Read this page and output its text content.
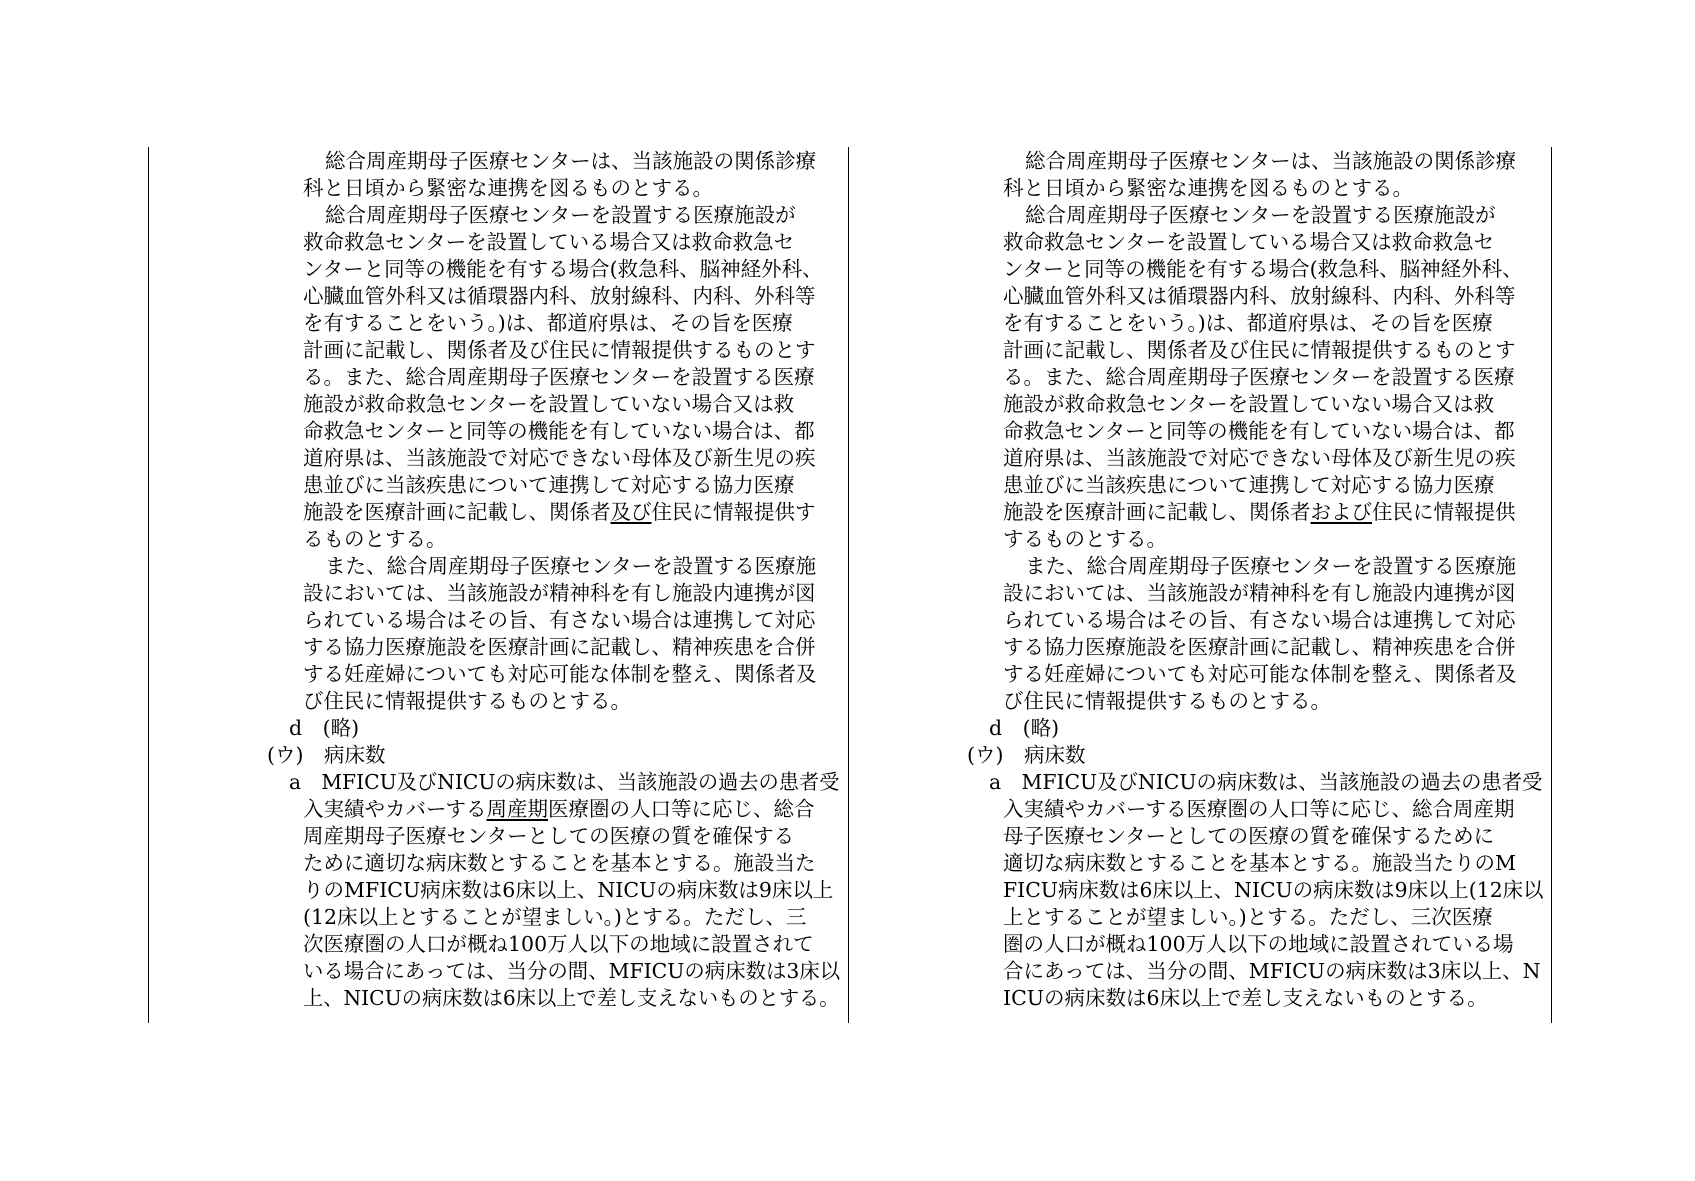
総合周産期母子医療センターは、当該施設の関係診療
科と日頃から緊密な連携を図るものとする。
総合周産期母子医療センターを設置する医療施設が
救命救急センターを設置している場合又は救命救急セ
ンターと同等の機能を有する場合(救急科、脳神経外科、
心臓血管外科又は循環器内科、放射線科、内科、外科等
を有することをいう。)は、都道府県は、その旨を医療
計画に記載し、関係者及び住民に情報提供するものとす
る。また、総合周産期母子医療センターを設置する医療
施設が救命救急センターを設置していない場合又は救
命救急センターと同等の機能を有していない場合は、都
道府県は、当該施設で対応できない母体及び新生児の疾
患並びに当該疾患について連携して対応する協力医療
施設を医療計画に記載し、関係者及び住民に情報提供す
るものとする。
また、総合周産期母子医療センターを設置する医療施
設においては、当該施設が精神科を有し施設内連携が図
られている場合はその旨、有さない場合は連携して対応
する協力医療施設を医療計画に記載し、精神疾患を合併
する妊産婦についても対応可能な体制を整え、関係者及
び住民に情報提供するものとする。
d　(略)
(ウ)　病床数
a　MFICU及びNICUの病床数は、当該施設の過去の患者受
入実績やカバーする周産期医療圏の人口等に応じ、総合
周産期母子医療センターとしての医療の質を確保する
ために適切な病床数とすることを基本とする。施設当た
りのMFICU病床数は6床以上、NICUの病床数は9床以上
(12床以上とすることが望ましい。)とする。ただし、三
次医療圏の人口が概ね100万人以下の地域に設置されて
いる場合にあっては、当分の間、MFICUの病床数は3床以
上、NICUの病床数は6床以上で差し支えないものとする。
総合周産期母子医療センターは、当該施設の関係診療
科と日頃から緊密な連携を図るものとする。
総合周産期母子医療センターを設置する医療施設が
救命救急センターを設置している場合又は救命救急セ
ンターと同等の機能を有する場合(救急科、脳神経外科、
心臓血管外科又は循環器内科、放射線科、内科、外科等
を有することをいう。)は、都道府県は、その旨を医療
計画に記載し、関係者及び住民に情報提供するものとす
る。また、総合周産期母子医療センターを設置する医療
施設が救命救急センターを設置していない場合又は救
命救急センターと同等の機能を有していない場合は、都
道府県は、当該施設で対応できない母体及び新生児の疾
患並びに当該疾患について連携して対応する協力医療
施設を医療計画に記載し、関係者および住民に情報提供
するものとする。
また、総合周産期母子医療センターを設置する医療施
設においては、当該施設が精神科を有し施設内連携が図
られている場合はその旨、有さない場合は連携して対応
する協力医療施設を医療計画に記載し、精神疾患を合併
する妊産婦についても対応可能な体制を整え、関係者及
び住民に情報提供するものとする。
d　(略)
(ウ)　病床数
a　MFICU及びNICUの病床数は、当該施設の過去の患者受
入実績やカバーする医療圏の人口等に応じ、総合周産期
母子医療センターとしての医療の質を確保するために
適切な病床数とすることを基本とする。施設当たりのM
FICU病床数は6床以上、NICUの病床数は9床以上(12床以
上とすることが望ましい。)とする。ただし、三次医療
圏の人口が概ね100万人以下の地域に設置されている場
合にあっては、当分の間、MFICUの病床数は3床以上、N
ICUの病床数は6床以上で差し支えないものとする。
